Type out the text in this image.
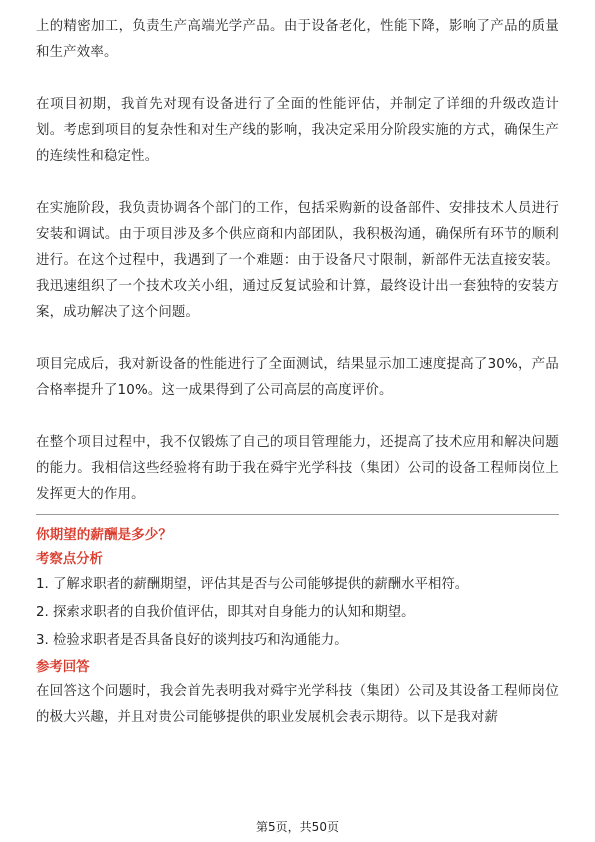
上的精密加工，负责生产高端光学产品。由于设备老化，性能下降，影响了产品的质量和生产效率。

在项目初期，我首先对现有设备进行了全面的性能评估，并制定了详细的升级改造计划。考虑到项目的复杂性和对生产线的影响，我决定采用分阶段实施的方式，确保生产的连续性和稳定性。

在实施阶段，我负责协调各个部门的工作，包括采购新的设备部件、安排技术人员进行安装和调试。由于项目涉及多个供应商和内部团队，我积极沟通，确保所有环节的顺利进行。在这个过程中，我遇到了一个难题：由于设备尺寸限制，新部件无法直接安装。我迅速组织了一个技术攻关小组，通过反复试验和计算，最终设计出一套独特的安装方案，成功解决了这个问题。

项目完成后，我对新设备的性能进行了全面测试，结果显示加工速度提高了30%，产品合格率提升了10%。这一成果得到了公司高层的高度评价。

在整个项目过程中，我不仅锻炼了自己的项目管理能力，还提高了技术应用和解决问题的能力。我相信这些经验将有助于我在舜宇光学科技（集团）公司的设备工程师岗位上发挥更大的作用。

你期望的薪酬是多少？

考察点分析

1. 了解求职者的薪酬期望，评估其是否与公司能够提供的薪酬水平相符。

2. 探索求职者的自我价值评估，即其对自身能力的认知和期望。

3. 检验求职者是否具备良好的谈判技巧和沟通能力。

参考回答

在回答这个问题时，我会首先表明我对舜宇光学科技（集团）公司及其设备工程师岗位的极大兴趣，并且对贵公司能够提供的职业发展机会表示期待。以下是我对薪

第5页，共50页
